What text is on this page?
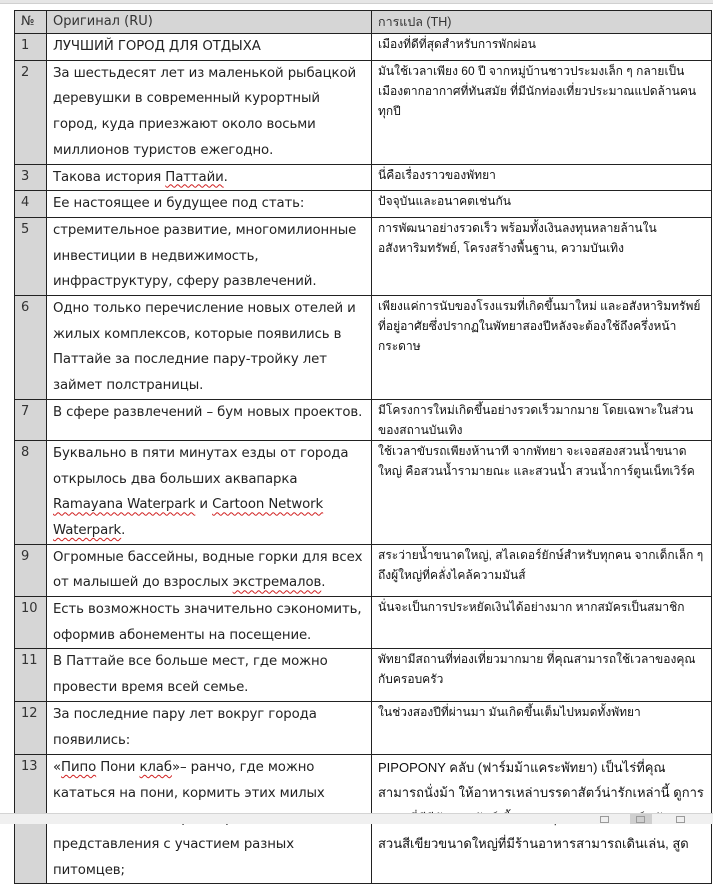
№	Оригинал (RU)	การแปล (TH)
1	ЛУЧШИЙ ГОРОД ДЛЯ ОТДЫХА	เมืองที่ดีที่สุดสำหรับการพักผ่อน
2	За шестьдесят лет из маленькой рыбацкой деревушки в современный курортный город, куда приезжают около восьми миллионов туристов ежегодно.	มันใช้เวลาเพียง 60 ปี จากหมู่บ้านชาวประมงเล็ก ๆ กลายเป็นเมืองตากอากาศที่ทันสมัย ที่มีนักท่องเที่ยวประมาณแปดล้านคนทุกปี
3	Такова история Паттайи.	นี่คือเรื่องราวของพัทยา
4	Ее настоящее и будущее под стать:	ปัจจุบันและอนาคตเช่นกัน
5	стремительное развитие, многомилионные инвестиции в недвижимость, инфраструктуру, сферу развлечений.	การพัฒนาอย่างรวดเร็ว พร้อมทั้งเงินลงทุนหลายล้านในอสังหาริมทรัพย์, โครงสร้างพื้นฐาน, ความบันเทิง
6	Одно только перечисление новых отелей и жилых комплексов, которые появились в Паттайе за последние пару-тройку лет займет полстраницы.	เพียงแค่การนับของโรงแรมที่เกิดขึ้นมาใหม่ และอสังหาริมทรัพย์ที่อยู่อาศัยซึ่งปรากฏในพัทยาสองปีหลังจะต้องใช้ถึงครึ่งหน้ากระดาษ
7	В сфере развлечений – бум новых проектов.	มีโครงการใหม่เกิดขึ้นอย่างรวดเร็วมากมาย โดยเฉพาะในส่วนของสถานบันเทิง
8	Буквально в пяти минутах езды от города открылось два больших аквапарка Ramayana Waterpark и Cartoon Network Waterpark.	ใช้เวลาขับรถเพียงห้านาที จากพัทยา จะเจอสองสวนน้ำขนาดใหญ่ คือสวนน้ำรามายณะ และสวนน้ำ สวนน้ำการ์ตูนเน็ทเวิร์ค
9	Огромные бассейны, водные горки для всех от малышей до взрослых экстремалов.	สระว่ายน้ำขนาดใหญ่, สไลเดอร์ยักษ์สำหรับทุกคน จากเด็กเล็ก ๆ ถึงผู้ใหญ่ที่คลั่งไคล้ความมันส์
10	Есть возможность значительно сэкономить, оформив абонементы на посещение.	นั่นจะเป็นการประหยัดเงินได้อย่างมาก หากสมัครเป็นสมาชิก
11	В Паттайе все больше мест, где можно провести время всей семье.	พัทยามีสถานที่ท่องเที่ยวมากมาย ที่คุณสามารถใช้เวลาของคุณกับครอบครัว
12	За последние пару лет вокруг города появились:	ในช่วงสองปีที่ผ่านมา มันเกิดขึ้นเต็มไปหมดทั้งพัทยา
13	«Пипо Пони клаб»– ранчо, где можно кататься на пони, кормить этих милых представления с участием разных питомцев;	PIPOPONY คลับ (ฟาร์มม้าแคระพัทยา) เป็นไร่ที่คุณสามารถนั่งม้า ให้อาหารเหล่าบรรดาสัตว์น่ารักเหล่านี้ ดูการ สวนสีเขียวขนาดใหญ่ที่มีร้านอาหารสามารถเดินเล่น, สูด
